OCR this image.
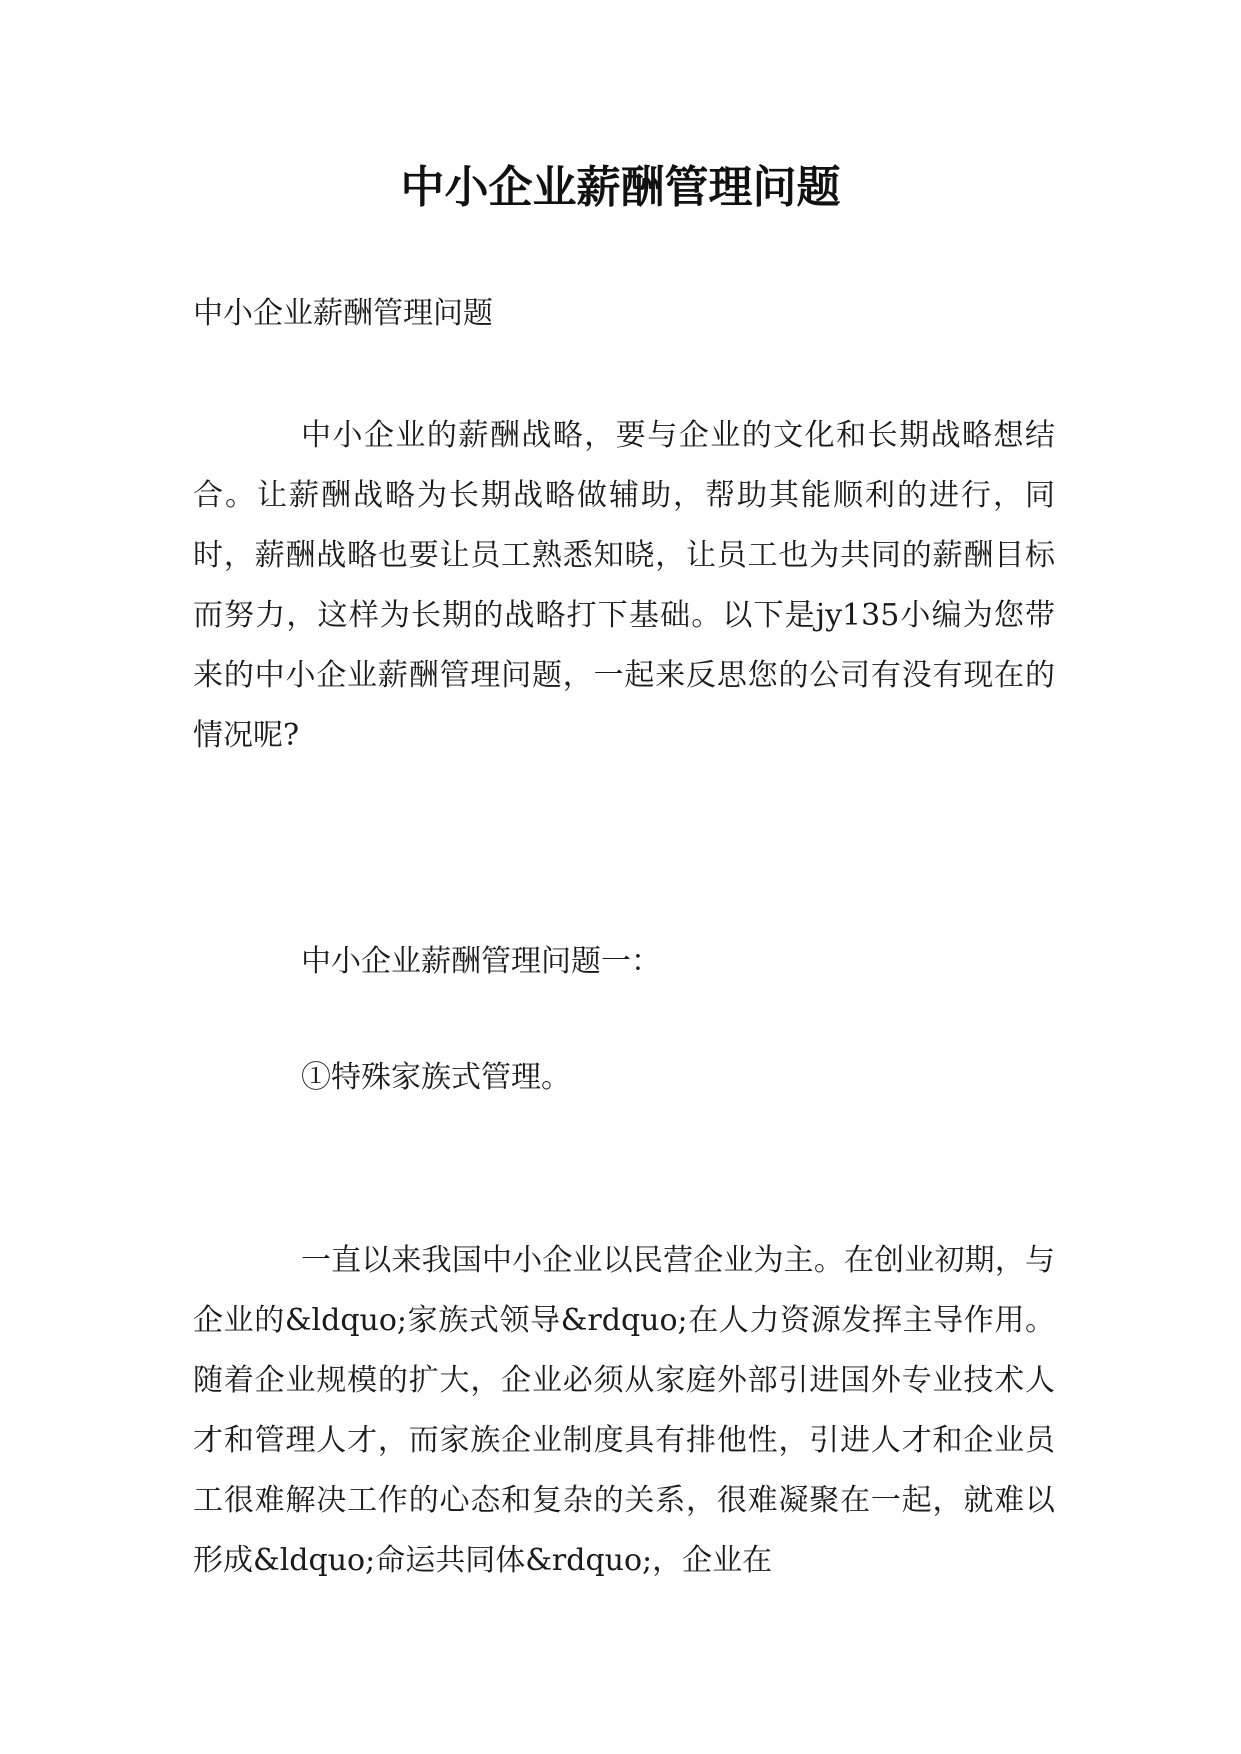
中小企业薪酬管理问题

中小企业薪酬管理问题

中小企业的薪酬战略，要与企业的文化和长期战略想结合。让薪酬战略为长期战略做辅助，帮助其能顺利的进行，同时，薪酬战略也要让员工熟悉知晓，让员工也为共同的薪酬目标而努力，这样为长期的战略打下基础。以下是jy135小编为您带来的中小企业薪酬管理问题，一起来反思您的公司有没有现在的情况呢?

中小企业薪酬管理问题一：

①特殊家族式管理。

一直以来我国中小企业以民营企业为主。在创业初期，与企业的&ldquo;家族式领导&rdquo;在人力资源发挥主导作用。随着企业规模的扩大，企业必须从家庭外部引进国外专业技术人才和管理人才，而家族企业制度具有排他性，引进人才和企业员工很难解决工作的心态和复杂的关系，很难凝聚在一起，就难以形成&ldquo;命运共同体&rdquo;，企业在
